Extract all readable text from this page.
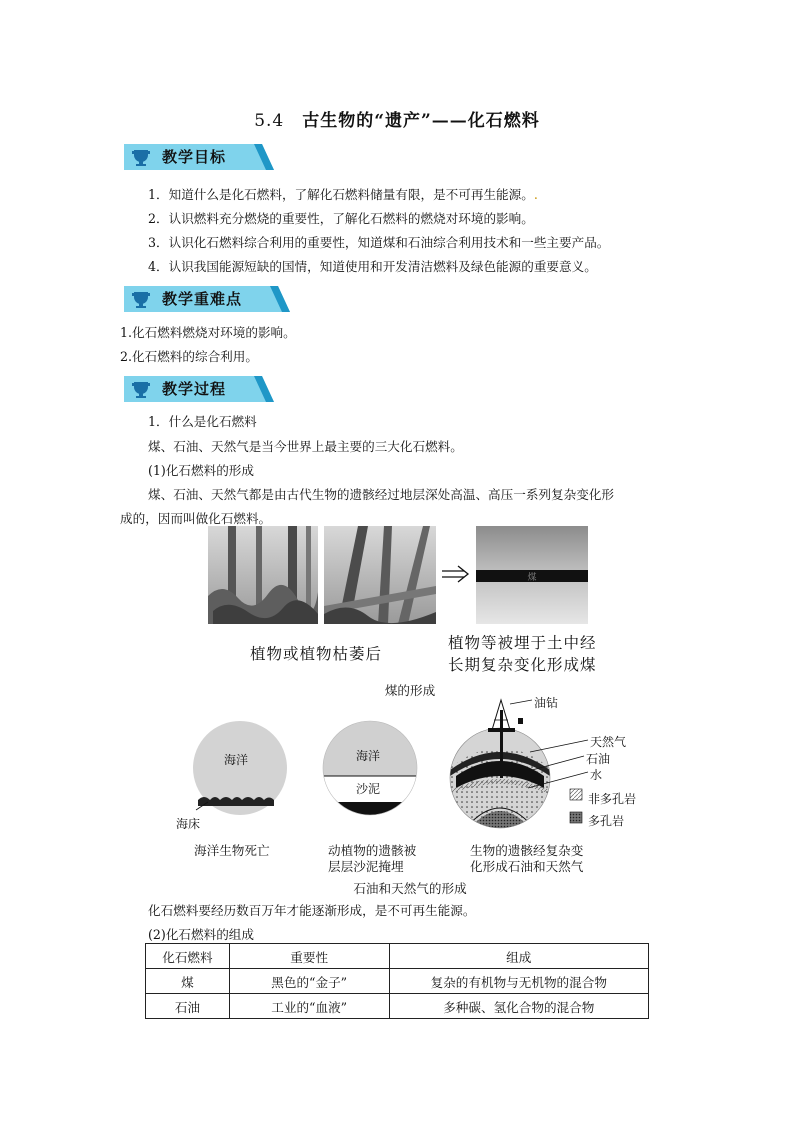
5.4 古生物的“遗产”——化石燃料
教学目标
1．知道什么是化石燃料，了解化石燃料储量有限，是不可再生能源。.
2．认识燃料充分燃烧的重要性，了解化石燃料的燃烧对环境的影响。
3．认识化石燃料综合利用的重要性，知道煤和石油综合利用技术和一些主要产品。
4．认识我国能源短缺的国情，知道使用和开发清洁燃料及绿色能源的重要意义。
教学重难点
1.化石燃料燃烧对环境的影响。
2.化石燃料的综合利用。
教学过程
1．什么是化石燃料
煤、石油、天然气是当今世界上最主要的三大化石燃料。
(1)化石燃料的形成
煤、石油、天然气都是由古代生物的遗骸经过地层深处高温、高压一系列复杂变化形
成的，因而叫做化石燃料。
煤
植物或植物枯萎后
植物等被埋于土中经
长期复杂变化形成煤
煤的形成
海洋
海床
海洋
沙泥
油钻
天然气
石油
水
非多孔岩
多孔岩
海洋生物死亡	动植物的遗骸被
层层沙泥掩埋
生物的遗骸经复杂变
化形成石油和天然气
石油和天然气的形成
化石燃料要经历数百万年才能逐渐形成，是不可再生能源。
(2)化石燃料的组成
化石燃料	重要性	组成
煤	黑色的“金子”	复杂的有机物与无机物的混合物
石油	工业的“血液”	多种碳、氢化合物的混合物
